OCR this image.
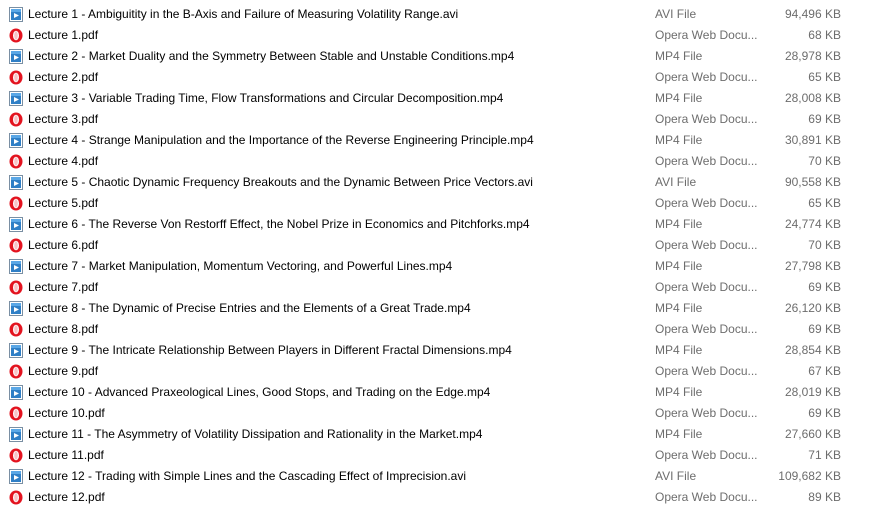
Lecture 1 - Ambiguitity in the B-Axis and Failure of Measuring Volatility Range.avi	AVI File	94,496 KB
Lecture 1.pdf	Opera Web Docu...	68 KB
Lecture 2 - Market Duality and the Symmetry Between Stable and Unstable Conditions.mp4	MP4 File	28,978 KB
Lecture 2.pdf	Opera Web Docu...	65 KB
Lecture 3 - Variable Trading Time, Flow Transformations and Circular Decomposition.mp4	MP4 File	28,008 KB
Lecture 3.pdf	Opera Web Docu...	69 KB
Lecture 4 - Strange Manipulation and the Importance of the Reverse Engineering Principle.mp4	MP4 File	30,891 KB
Lecture 4.pdf	Opera Web Docu...	70 KB
Lecture 5 - Chaotic Dynamic Frequency Breakouts and the Dynamic Between Price Vectors.avi	AVI File	90,558 KB
Lecture 5.pdf	Opera Web Docu...	65 KB
Lecture 6 - The Reverse Von Restorff Effect, the Nobel Prize in Economics and Pitchforks.mp4	MP4 File	24,774 KB
Lecture 6.pdf	Opera Web Docu...	70 KB
Lecture 7 - Market Manipulation, Momentum Vectoring, and Powerful Lines.mp4	MP4 File	27,798 KB
Lecture 7.pdf	Opera Web Docu...	69 KB
Lecture 8 - The Dynamic of Precise Entries and the Elements of a Great Trade.mp4	MP4 File	26,120 KB
Lecture 8.pdf	Opera Web Docu...	69 KB
Lecture 9 - The Intricate Relationship Between Players in Different Fractal Dimensions.mp4	MP4 File	28,854 KB
Lecture 9.pdf	Opera Web Docu...	67 KB
Lecture 10 - Advanced Praxeological Lines, Good Stops, and Trading on the Edge.mp4	MP4 File	28,019 KB
Lecture 10.pdf	Opera Web Docu...	69 KB
Lecture 11 - The Asymmetry of Volatility Dissipation and Rationality in the Market.mp4	MP4 File	27,660 KB
Lecture 11.pdf	Opera Web Docu...	71 KB
Lecture 12 - Trading with Simple Lines and the Cascading Effect of Imprecision.avi	AVI File	109,682 KB
Lecture 12.pdf	Opera Web Docu...	89 KB
